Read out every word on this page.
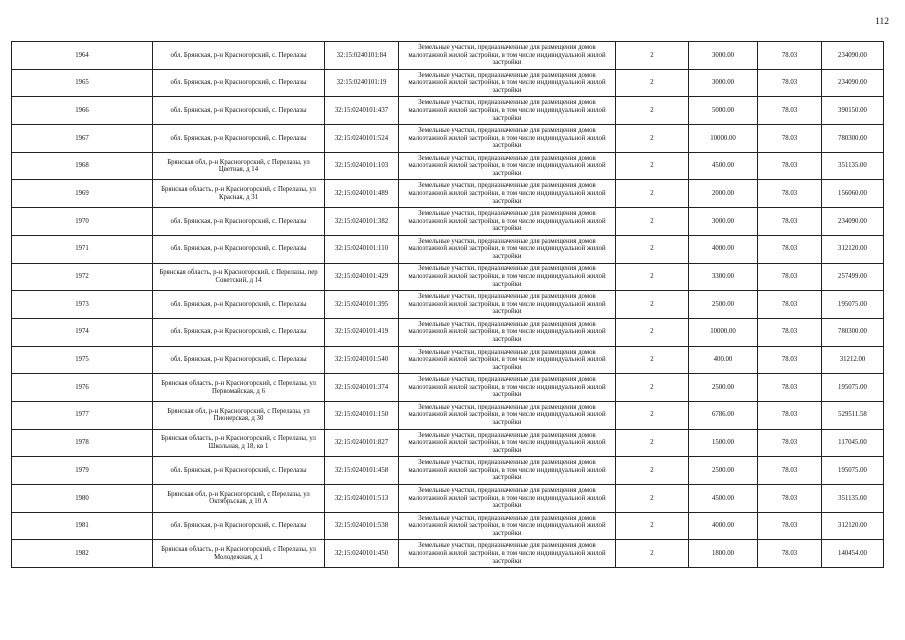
112
1964	обл. Брянская, р-н Красногорский, с. Перелазы	32:15:0240101:84	Земельные участки, предназначенные для размещения домов малоэтажной жилой застройки, в том числе индивидуальной жилой застройки	2	3000.00	78.03	234090.00
1965	обл. Брянская, р-н Красногорский, с. Перелазы	32:15:0240101:19	Земельные участки, предназначенные для размещения домов малоэтажной жилой застройки, в том числе индивидуальной жилой застройки	2	3000.00	78.03	234090.00
1966	обл. Брянская, р-н Красногорский, с. Перелазы	32:15:0240101:437	Земельные участки, предназначенные для размещения домов малоэтажной жилой застройки, в том числе индивидуальной жилой застройки	2	5000.00	78.03	390150.00
1967	обл. Брянская, р-н Красногорский, с. Перелазы	32:15:0240101:524	Земельные участки, предназначенные для размещения домов малоэтажной жилой застройки, в том числе индивидуальной жилой застройки	2	10000.00	78.03	780300.00
1968	Брянская обл, р-н Красногорский, с Перелазы, ул Цветная, д 14	32:15:0240101:103	Земельные участки, предназначенные для размещения домов малоэтажной жилой застройки, в том числе индивидуальной жилой застройки	2	4500.00	78.03	351135.00
1969	Брянская область, р-н Красногорский, с Перелазы, ул Красная, д 31	32:15:0240101:489	Земельные участки, предназначенные для размещения домов малоэтажной жилой застройки, в том числе индивидуальной жилой застройки	2	2000.00	78.03	156060.00
1970	обл. Брянская, р-н Красногорский, с. Перелазы	32:15:0240101:382	Земельные участки, предназначенные для размещения домов малоэтажной жилой застройки, в том числе индивидуальной жилой застройки	2	3000.00	78.03	234090.00
1971	обл. Брянская, р-н Красногорский, с. Перелазы	32:15:0240101:110	Земельные участки, предназначенные для размещения домов малоэтажной жилой застройки, в том числе индивидуальной жилой застройки	2	4000.00	78.03	312120.00
1972	Брянская область, р-н Красногорский, с Перелазы, пер Советский, д 14	32:15:0240101:429	Земельные участки, предназначенные для размещения домов малоэтажной жилой застройки, в том числе индивидуальной жилой застройки	2	3300.00	78.03	257499.00
1973	обл. Брянская, р-н Красногорский, с. Перелазы	32:15:0240101:395	Земельные участки, предназначенные для размещения домов малоэтажной жилой застройки, в том числе индивидуальной жилой застройки	2	2500.00	78.03	195075.00
1974	обл. Брянская, р-н Красногорский, с. Перелазы	32:15:0240101:419	Земельные участки, предназначенные для размещения домов малоэтажной жилой застройки, в том числе индивидуальной жилой застройки	2	10000.00	78.03	780300.00
1975	обл. Брянская, р-н Красногорский, с. Перелазы	32:15:0240101:540	Земельные участки, предназначенные для размещения домов малоэтажной жилой застройки, в том числе индивидуальной жилой застройки	2	400.00	78.03	31212.00
1976	Брянская область, р-н Красногорский, с Перелазы, ул Первомайская, д 6	32:15:0240101:374	Земельные участки, предназначенные для размещения домов малоэтажной жилой застройки, в том числе индивидуальной жилой застройки	2	2500.00	78.03	195075.00
1977	Брянская обл, р-н Красногорский, с Перелазы, ул Пионерская, д 30	32:15:0240101:150	Земельные участки, предназначенные для размещения домов малоэтажной жилой застройки, в том числе индивидуальной жилой застройки	2	6786.00	78.03	529511.58
1978	Брянская область, р-н Красногорский, с Перелазы, ул Школьная, д 18, кв 1	32:15:0240101:827	Земельные участки, предназначенные для размещения домов малоэтажной жилой застройки, в том числе индивидуальной жилой застройки	2	1500.00	78.03	117045.00
1979	обл. Брянская, р-н Красногорский, с. Перелазы	32:15:0240101:458	Земельные участки, предназначенные для размещения домов малоэтажной жилой застройки, в том числе индивидуальной жилой застройки	2	2500.00	78.03	195075.00
1980	Брянская обл, р-н Красногорский, с Перелазы, ул Октябрьская, д 10 А	32:15:0240101:513	Земельные участки, предназначенные для размещения домов малоэтажной жилой застройки, в том числе индивидуальной жилой застройки	2	4500.00	78.03	351135.00
1981	обл. Брянская, р-н Красногорский, с. Перелазы	32:15:0240101:538	Земельные участки, предназначенные для размещения домов малоэтажной жилой застройки, в том числе индивидуальной жилой застройки	2	4000.00	78.03	312120.00
1982	Брянская область, р-н Красногорский, с Перелазы, ул Молодежная, д 1	32:15:0240101:450	Земельные участки, предназначенные для размещения домов малоэтажной жилой застройки, в том числе индивидуальной жилой застройки	2	1800.00	78.03	140454.00
